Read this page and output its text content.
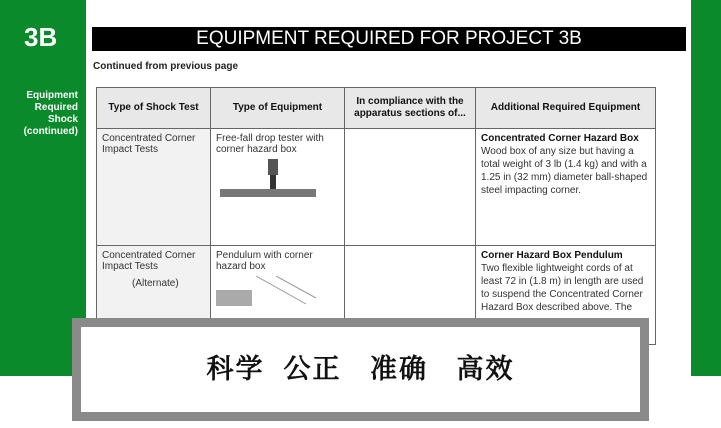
3B
Equipment
Required
Shock
(continued)
EQUIPMENT REQUIRED FOR PROJECT 3B
Continued from previous page
Type of Shock Test	Type of Equipment	In compliance with the apparatus sections of...	Additional Required Equipment
Concentrated Corner Impact Tests	Free-fall drop tester with corner hazard box		Concentrated Corner Hazard Box
Wood box of any size but having a total weight of 3 lb (1.4 kg) and with a 1.25 in (32 mm) diameter ball-shaped steel impacting corner.
Concentrated Corner Impact Tests
(Alternate)	Pendulum with corner hazard box		Corner Hazard Box Pendulum
Two flexible lightweight cords of at least 72 in (1.8 m) in length are used to suspend the Concentrated Corner Hazard Box described above. The
科学  公正   准确   高效
